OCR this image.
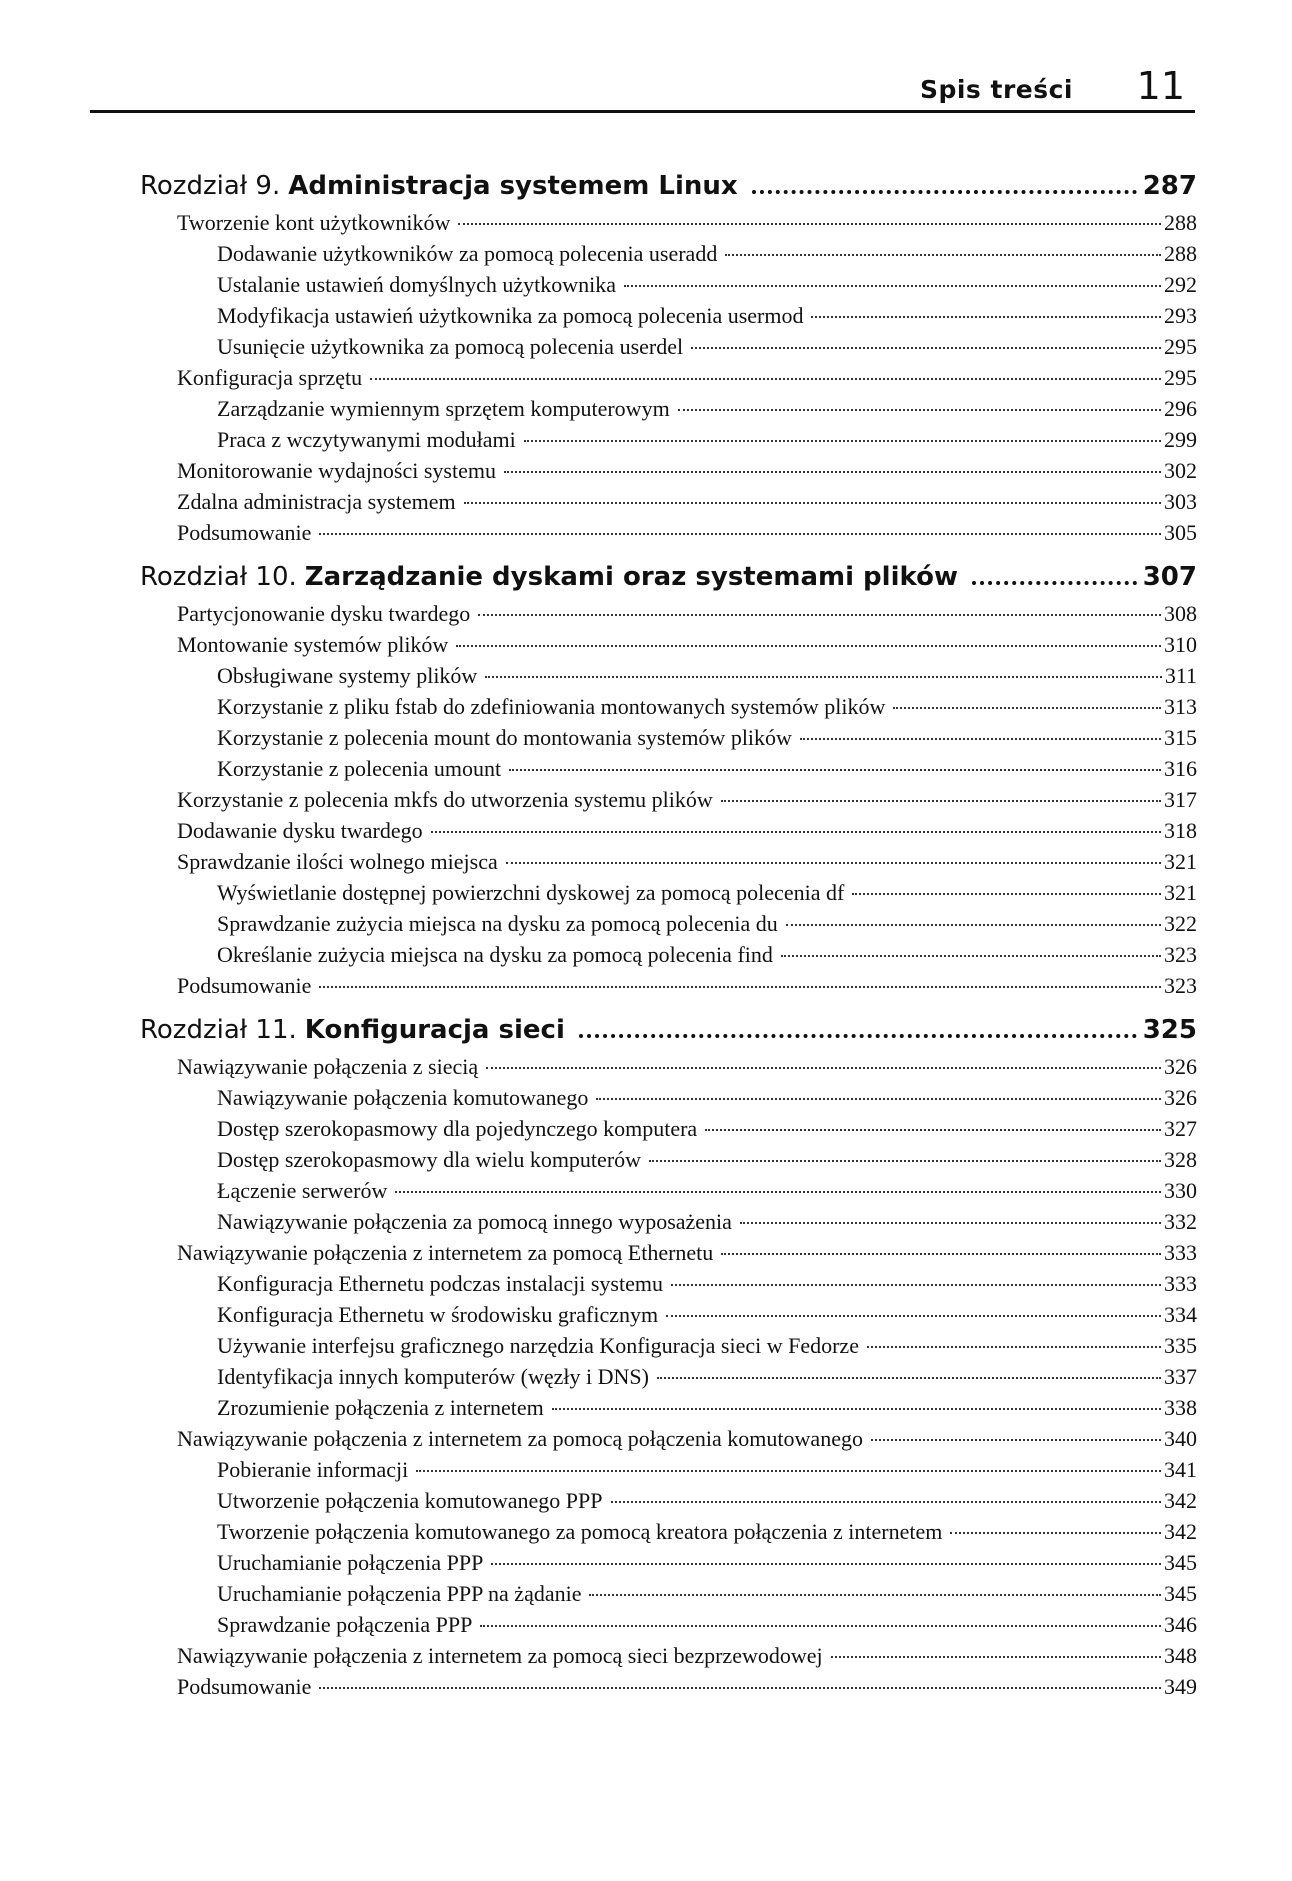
Spis treści 11
Rozdział 9. Administracja systemem Linux	287
Tworzenie kont użytkowników	288
Dodawanie użytkowników za pomocą polecenia useradd	288
Ustalanie ustawień domyślnych użytkownika	292
Modyfikacja ustawień użytkownika za pomocą polecenia usermod	293
Usunięcie użytkownika za pomocą polecenia userdel	295
Konfiguracja sprzętu	295
Zarządzanie wymiennym sprzętem komputerowym	296
Praca z wczytywanymi modułami	299
Monitorowanie wydajności systemu	302
Zdalna administracja systemem	303
Podsumowanie	305
Rozdział 10. Zarządzanie dyskami oraz systemami plików	307
Partycjonowanie dysku twardego	308
Montowanie systemów plików	310
Obsługiwane systemy plików	311
Korzystanie z pliku fstab do zdefiniowania montowanych systemów plików	313
Korzystanie z polecenia mount do montowania systemów plików	315
Korzystanie z polecenia umount	316
Korzystanie z polecenia mkfs do utworzenia systemu plików	317
Dodawanie dysku twardego	318
Sprawdzanie ilości wolnego miejsca	321
Wyświetlanie dostępnej powierzchni dyskowej za pomocą polecenia df	321
Sprawdzanie zużycia miejsca na dysku za pomocą polecenia du	322
Określanie zużycia miejsca na dysku za pomocą polecenia find	323
Podsumowanie	323
Rozdział 11. Konfiguracja sieci	325
Nawiązywanie połączenia z siecią	326
Nawiązywanie połączenia komutowanego	326
Dostęp szerokopasmowy dla pojedynczego komputera	327
Dostęp szerokopasmowy dla wielu komputerów	328
Łączenie serwerów	330
Nawiązywanie połączenia za pomocą innego wyposażenia	332
Nawiązywanie połączenia z internetem za pomocą Ethernetu	333
Konfiguracja Ethernetu podczas instalacji systemu	333
Konfiguracja Ethernetu w środowisku graficznym	334
Używanie interfejsu graficznego narzędzia Konfiguracja sieci w Fedorze	335
Identyfikacja innych komputerów (węzły i DNS)	337
Zrozumienie połączenia z internetem	338
Nawiązywanie połączenia z internetem za pomocą połączenia komutowanego	340
Pobieranie informacji	341
Utworzenie połączenia komutowanego PPP	342
Tworzenie połączenia komutowanego za pomocą kreatora połączenia z internetem	342
Uruchamianie połączenia PPP	345
Uruchamianie połączenia PPP na żądanie	345
Sprawdzanie połączenia PPP	346
Nawiązywanie połączenia z internetem za pomocą sieci bezprzewodowej	348
Podsumowanie	349
